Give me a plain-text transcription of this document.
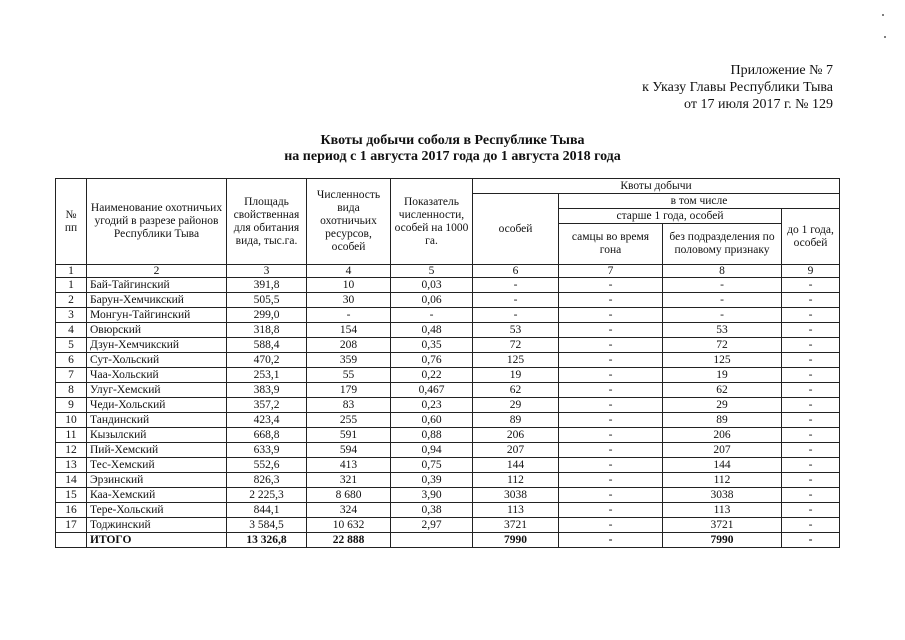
Приложение № 7
к Указу Главы Республики Тыва
от 17 июля 2017 г. № 129
Квоты добычи соболя в Республике Тыва
на период с 1 августа 2017 года до 1 августа 2018 года
№ пп	Наименование охотничьих угодий в разрезе районов Республики Тыва	Площадь свойственная для обитания вида, тыс.га.	Численность вида охотничьих ресурсов, особей	Показатель численности, особей на 1000 га.	Квоты добычи			
					особей	в том числе		
						старше 1 года, особей		до 1 года, особей
						самцы во время гона	без подразделения по половому признаку	
1	2	3	4	5	6	7	8	9
1	Бай-Тайгинский	391,8	10	0,03	-	-	-	-
2	Барун-Хемчикский	505,5	30	0,06	-	-	-	-
3	Монгун-Тайгинский	299,0	-	-	-	-	-	-
4	Овюрский	318,8	154	0,48	53	-	53	-
5	Дзун-Хемчикский	588,4	208	0,35	72	-	72	-
6	Сут-Хольский	470,2	359	0,76	125	-	125	-
7	Чаа-Хольский	253,1	55	0,22	19	-	19	-
8	Улуг-Хемский	383,9	179	0,467	62	-	62	-
9	Чеди-Хольский	357,2	83	0,23	29	-	29	-
10	Тандинский	423,4	255	0,60	89	-	89	-
11	Кызылский	668,8	591	0,88	206	-	206	-
12	Пий-Хемский	633,9	594	0,94	207	-	207	-
13	Тес-Хемский	552,6	413	0,75	144	-	144	-
14	Эрзинский	826,3	321	0,39	112	-	112	-
15	Каа-Хемский	2 225,3	8 680	3,90	3038	-	3038	-
16	Тере-Хольский	844,1	324	0,38	113	-	113	-
17	Тоджинский	3 584,5	10 632	2,97	3721	-	3721	-
	ИТОГО	13 326,8	22 888		7990	-	7990	-
